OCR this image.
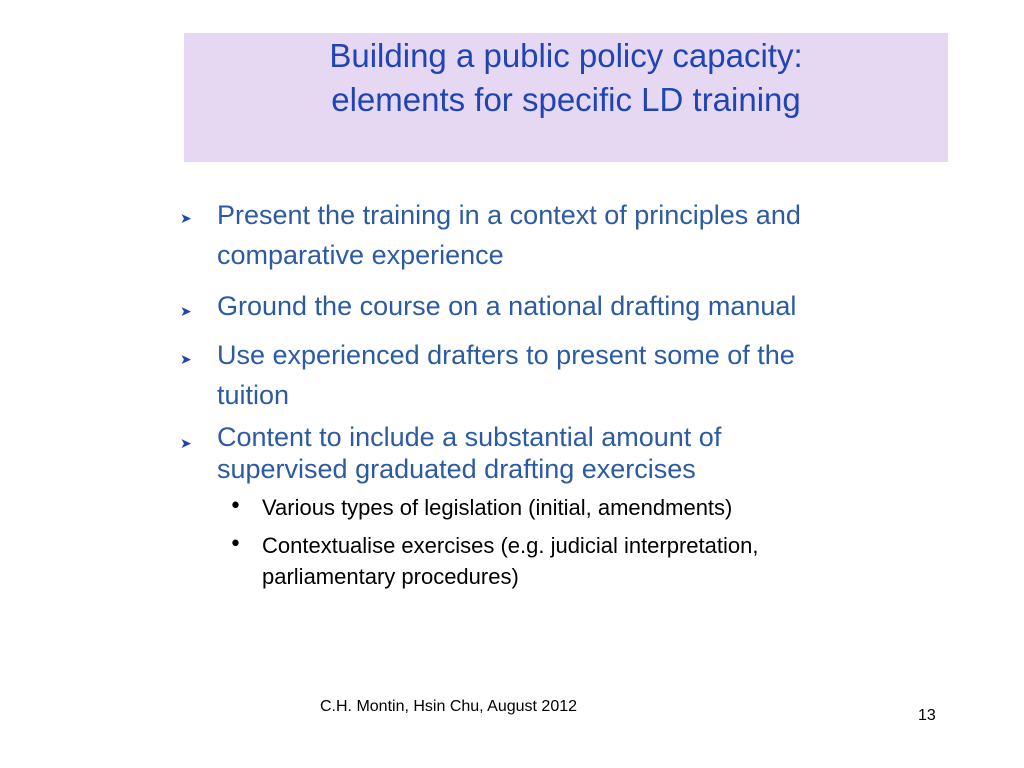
Building a public policy capacity:
elements for specific LD training
➤ Present the training in a context of principles and
comparative experience
➤ Ground the course on a national drafting manual
➤ Use experienced drafters to present some of the
tuition
➤ Content to include a substantial amount of
supervised graduated drafting exercises
• Various types of legislation (initial, amendments)
• Contextualise exercises (e.g. judicial interpretation,
parliamentary procedures)
C.H. Montin, Hsin Chu, August 2012
13
